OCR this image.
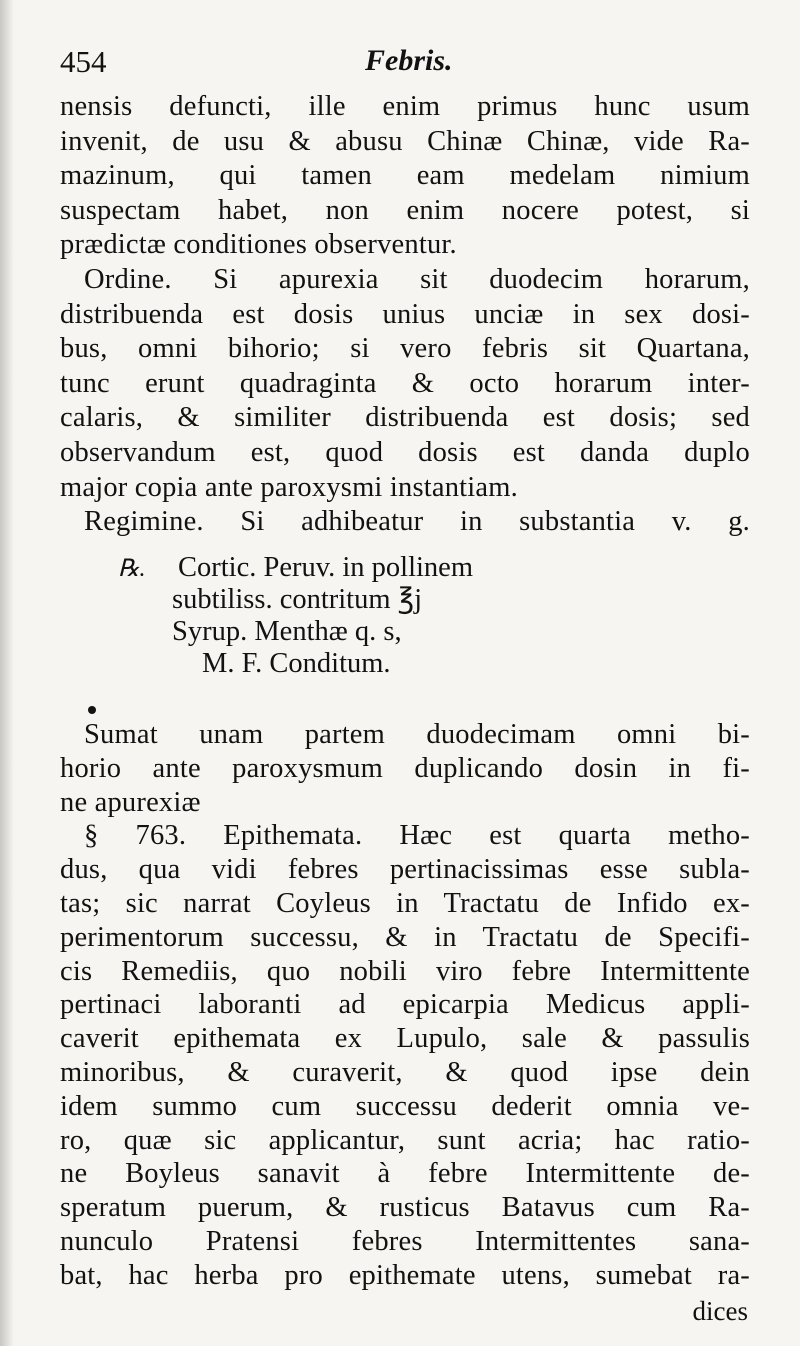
454	Febris.
nensis defuncti, ille enim primus hunc usum
invenit, de usu & abusu Chinæ Chinæ, vide Ra-
mazinum, qui tamen eam medelam nimium
suspectam habet, non enim nocere potest, si
prædictæ conditiones observentur.
Ordine. Si apurexia sit duodecim horarum,
distribuenda est dosis unius unciæ in sex dosi-
bus, omni bihorio; si vero febris sit Quartana,
tunc erunt quadraginta & octo horarum inter-
calaris, & similiter distribuenda est dosis; sed
observandum est, quod dosis est danda duplo
major copia ante paroxysmi instantiam.
Regimine. Si adhibeatur in substantia v. g.
℞. Cortic. Peruv. in pollinem
subtiliss. contritum ℥j
Syrup. Menthæ q. s,
M. F. Conditum.
Sumat unam partem duodecimam omni bi-
horio ante paroxysmum duplicando dosin in fi-
ne apurexiæ
§ 763. Epithemata. Hæc est quarta metho-
dus, qua vidi febres pertinacissimas esse subla-
tas; sic narrat Coyleus in Tractatu de Infido ex-
perimentorum successu, & in Tractatu de Specifi-
cis Remediis, quo nobili viro febre Intermittente
pertinaci laboranti ad epicarpia Medicus appli-
caverit epithemata ex Lupulo, sale & passulis
minoribus, & curaverit, & quod ipse dein
idem summo cum successu dederit omnia ve-
ro, quæ sic applicantur, sunt acria; hac ratio-
ne Boyleus sanavit à febre Intermittente de-
speratum puerum, & rusticus Batavus cum Ra-
nunculo Pratensi febres Intermittentes sana-
bat, hac herba pro epithemate utens, sumebat ra-
dices
